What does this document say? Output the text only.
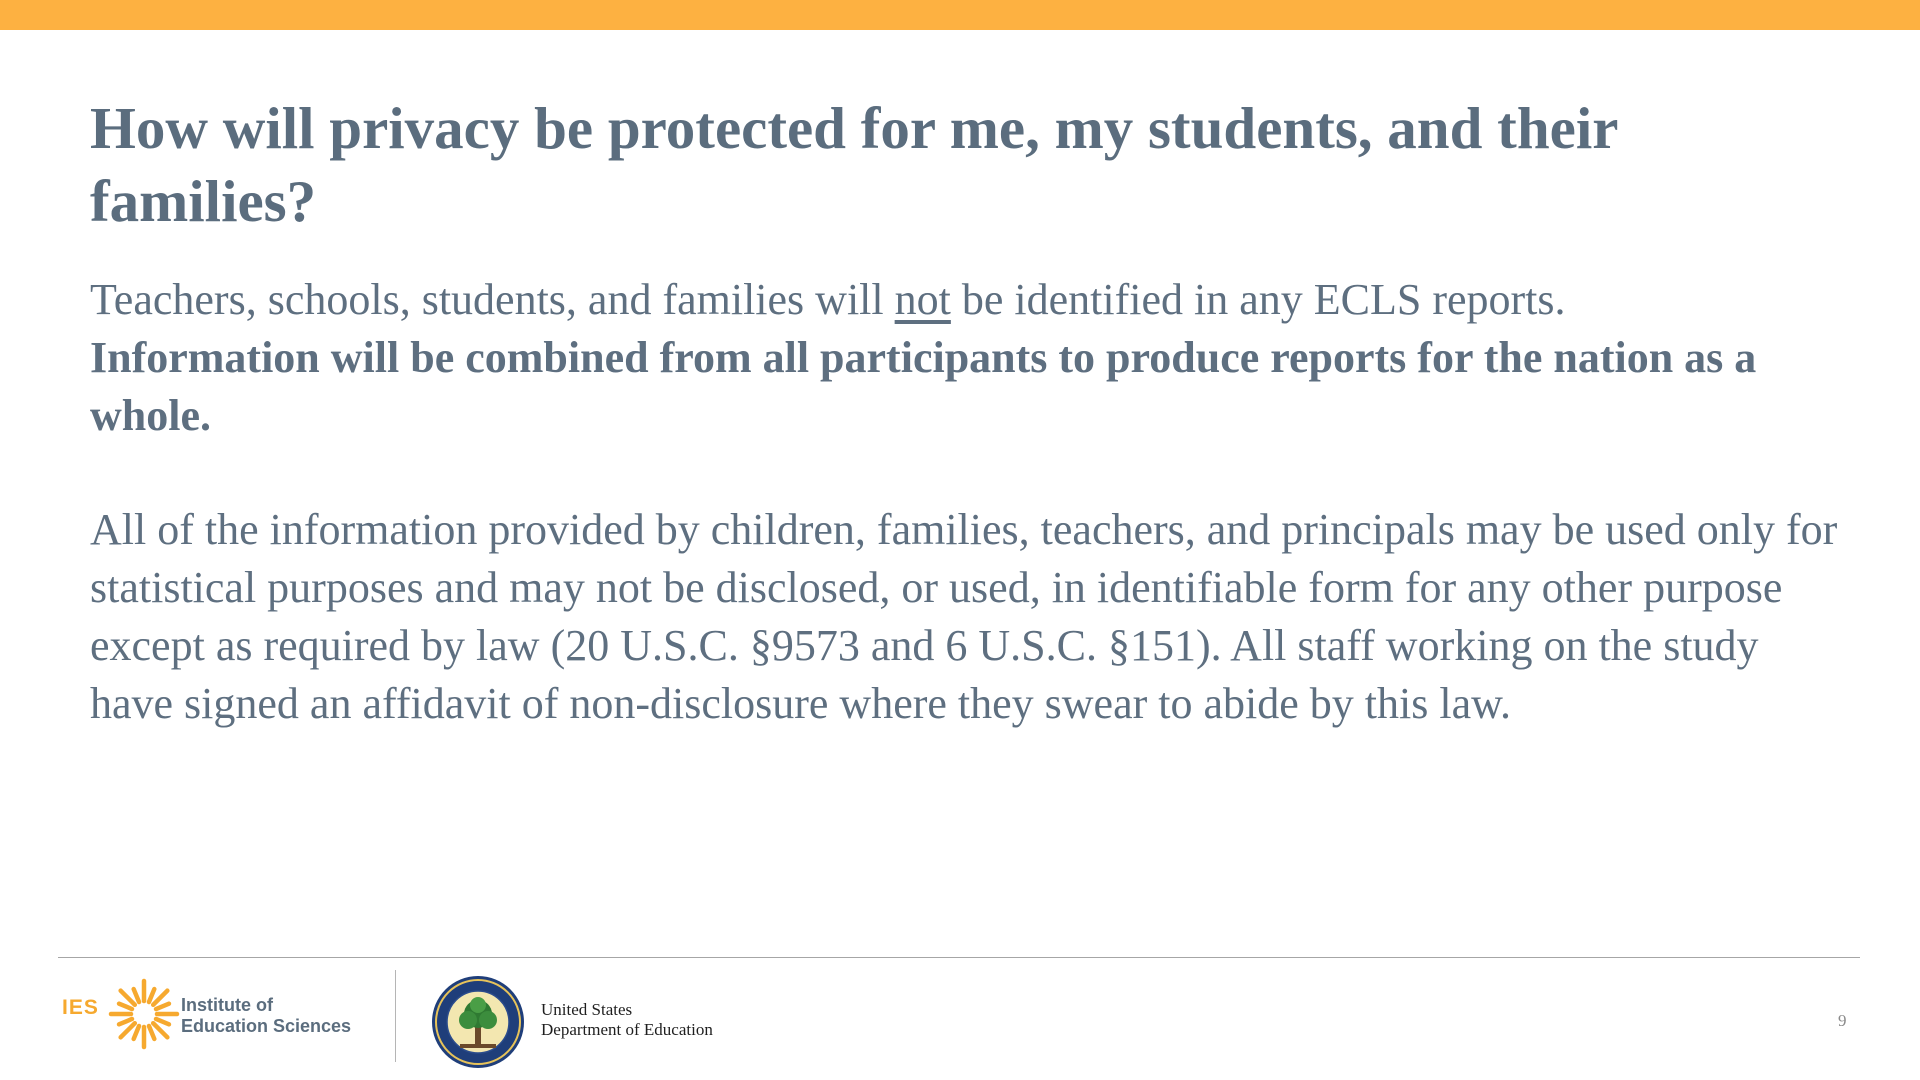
How will privacy be protected for me, my students, and their families?

Teachers, schools, students, and families will not be identified in any ECLS reports.
Information will be combined from all participants to produce reports for the nation as a whole.

All of the information provided by children, families, teachers, and principals may be used only for statistical purposes and may not be disclosed, or used, in identifiable form for any other purpose except as required by law (20 U.S.C. §9573 and 6 U.S.C. §151). All staff working on the study have signed an affidavit of non-disclosure where they swear to abide by this law.

IES	Institute of
Education Sciences
United States
Department of Education	9
